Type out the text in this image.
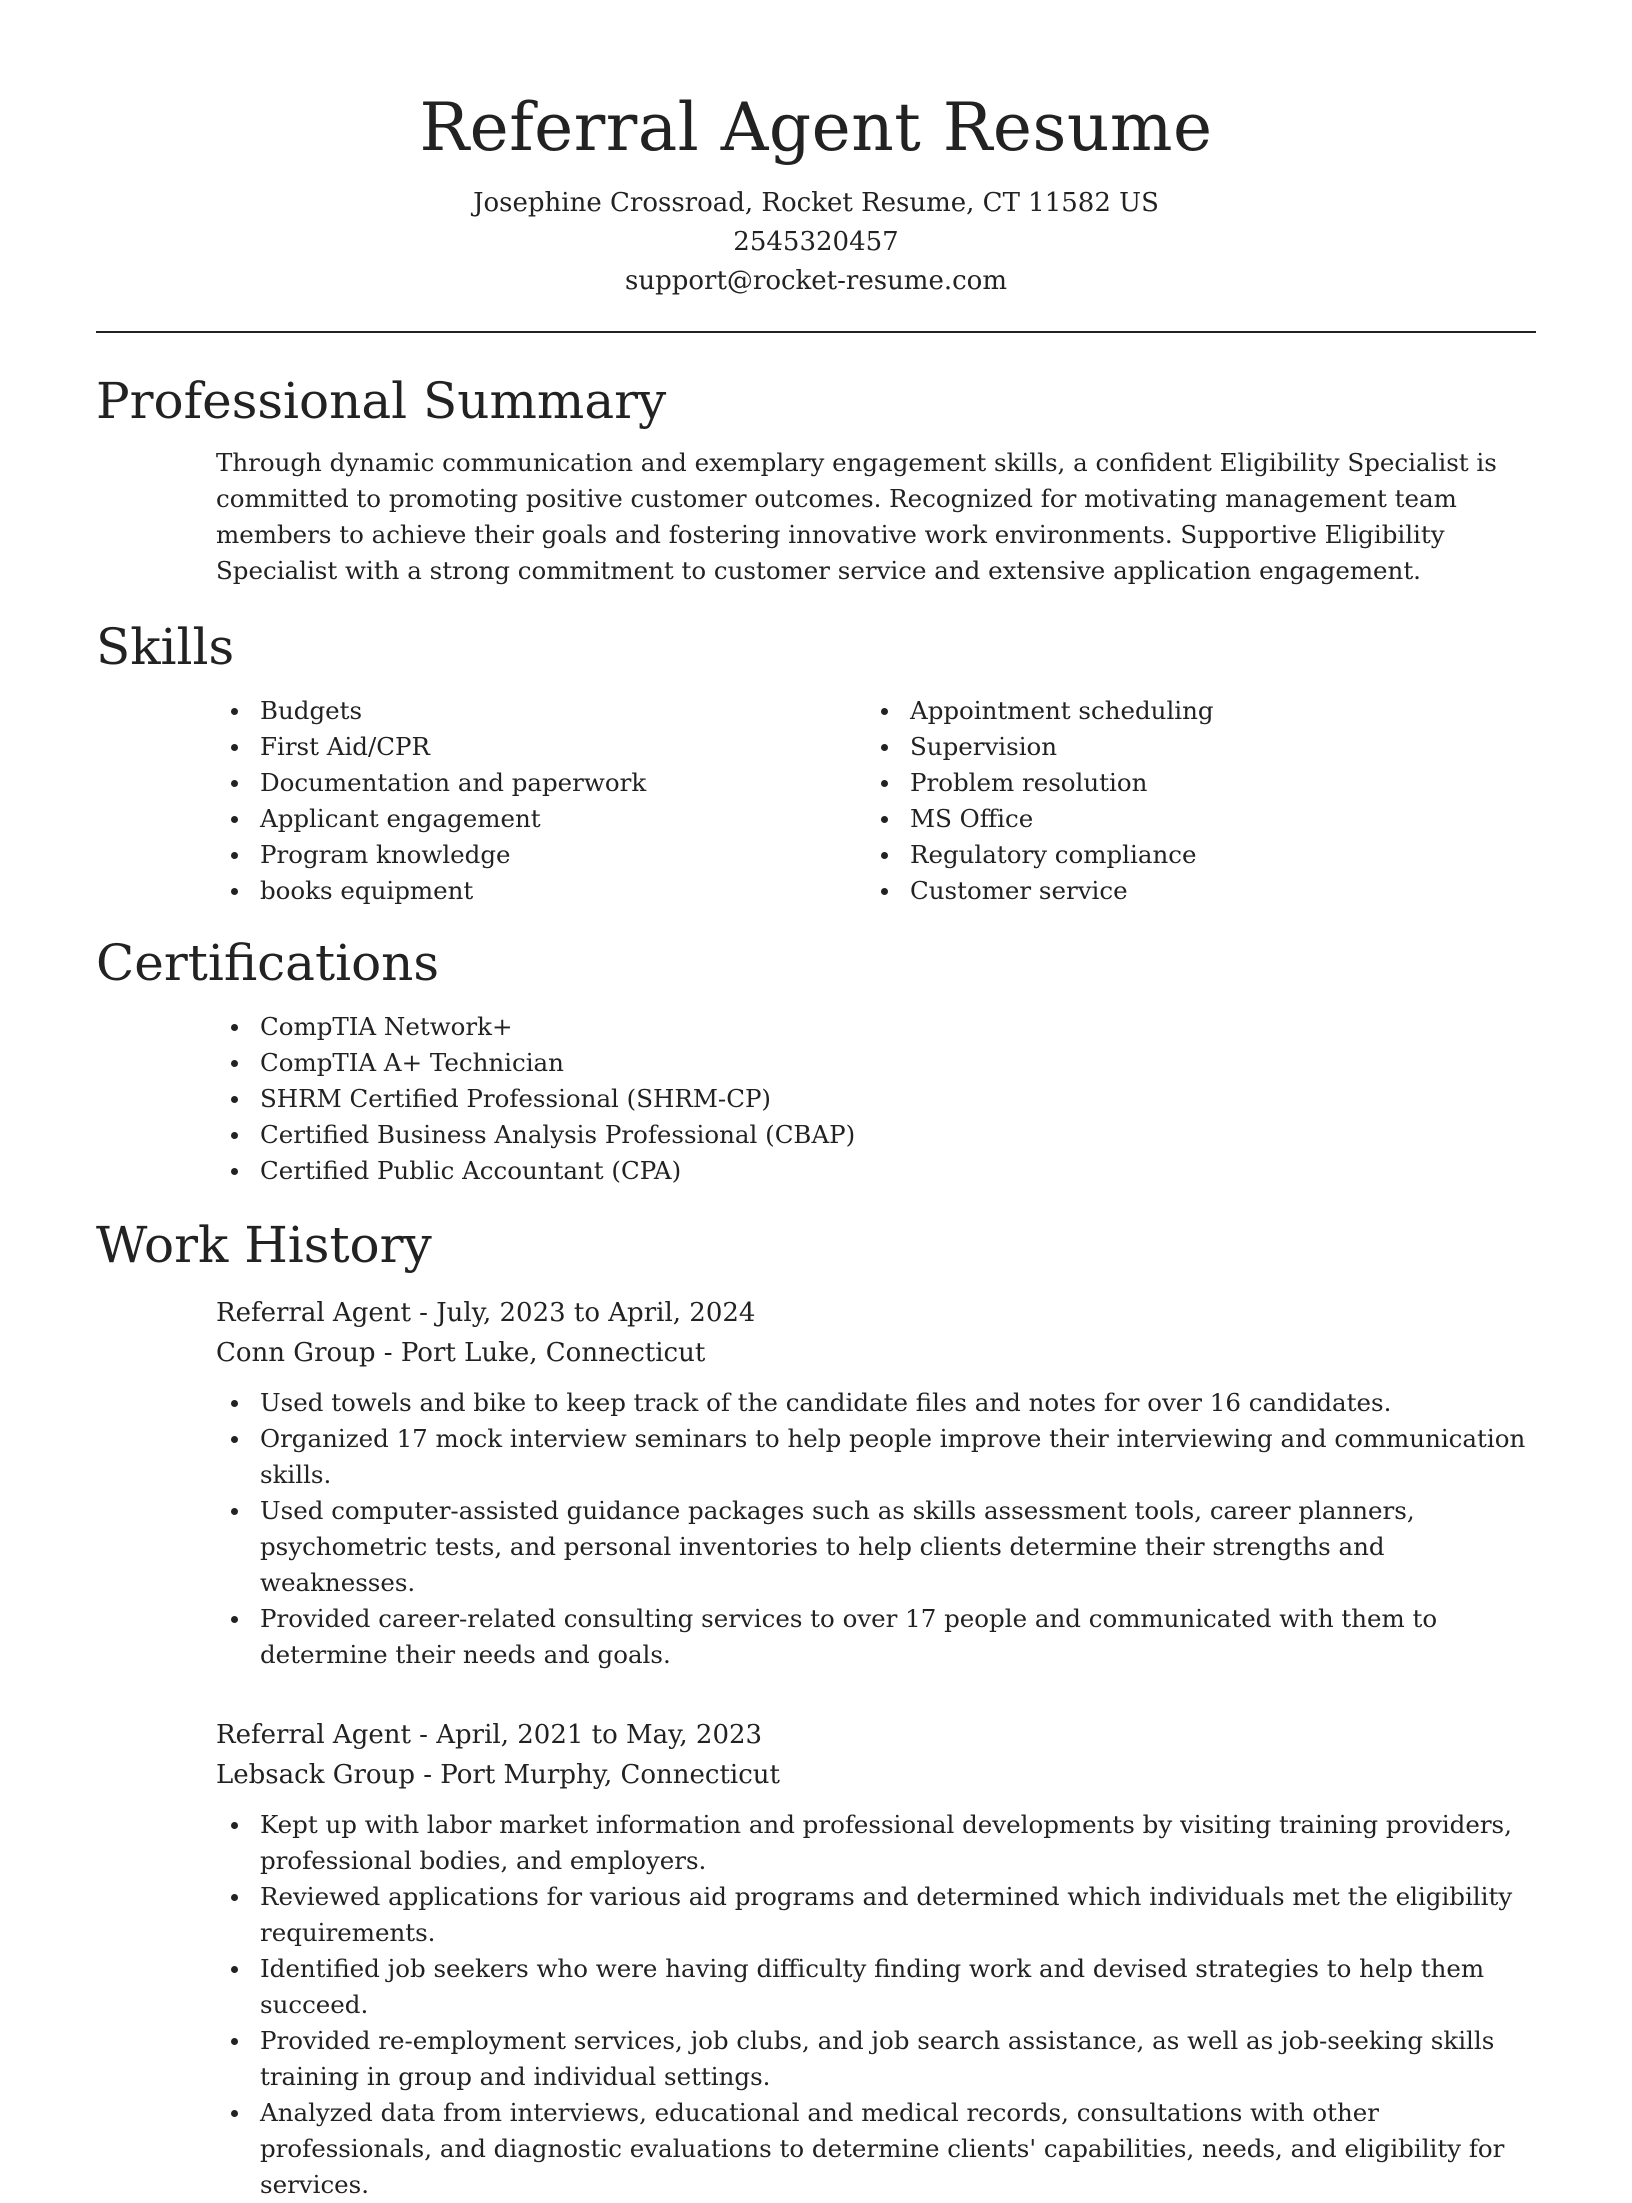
Referral Agent Resume
Josephine Crossroad, Rocket Resume, CT 11582 US
2545320457
support@rocket-resume.com
Professional Summary

Through dynamic communication and exemplary engagement skills, a confident Eligibility Specialist is committed to promoting positive customer outcomes. Recognized for motivating management team members to achieve their goals and fostering innovative work environments. Supportive Eligibility Specialist with a strong commitment to customer service and extensive application engagement.

Skills
Budgets
First Aid/CPR
Documentation and paperwork
Applicant engagement
Program knowledge
books equipment
Appointment scheduling
Supervision
Problem resolution
MS Office
Regulatory compliance
Customer service
Certifications
CompTIA Network+
CompTIA A+ Technician
SHRM Certified Professional (SHRM-CP)
Certified Business Analysis Professional (CBAP)
Certified Public Accountant (CPA)
Work History
Referral Agent - July, 2023 to April, 2024
Conn Group - Port Luke, Connecticut
Used towels and bike to keep track of the candidate files and notes for over 16 candidates.
Organized 17 mock interview seminars to help people improve their interviewing and communication skills.
Used computer-assisted guidance packages such as skills assessment tools, career planners, psychometric tests, and personal inventories to help clients determine their strengths and weaknesses.
Provided career-related consulting services to over 17 people and communicated with them to determine their needs and goals.
Referral Agent - April, 2021 to May, 2023
Lebsack Group - Port Murphy, Connecticut
Kept up with labor market information and professional developments by visiting training providers, professional bodies, and employers.
Reviewed applications for various aid programs and determined which individuals met the eligibility requirements.
Identified job seekers who were having difficulty finding work and devised strategies to help them succeed.
Provided re-employment services, job clubs, and job search assistance, as well as job-seeking skills training in group and individual settings.
Analyzed data from interviews, educational and medical records, consultations with other professionals, and diagnostic evaluations to determine clients' capabilities, needs, and eligibility for services.
